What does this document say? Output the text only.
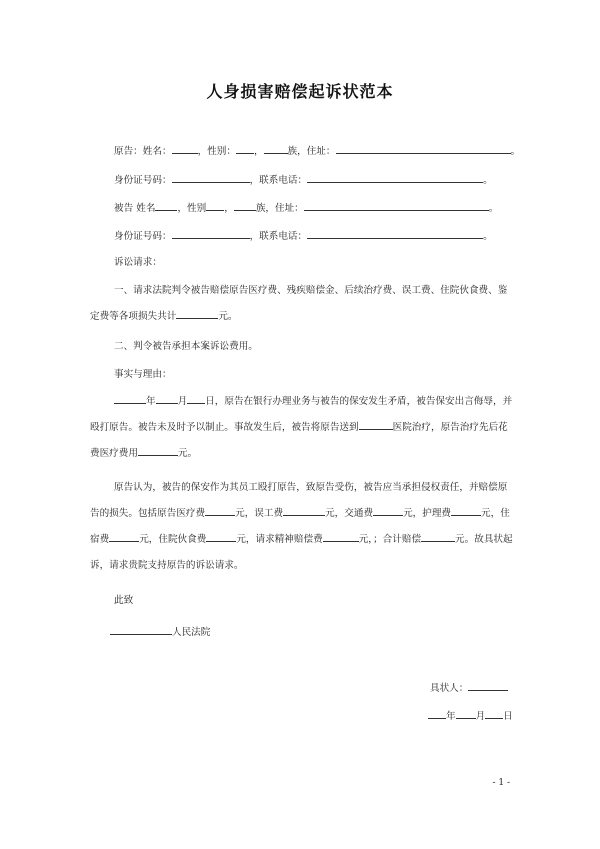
人身损害赔偿起诉状范本
原告：姓名：	，性别： ，	族，住址：	。
身份证号码：	，联系电话：	。
被告 姓名 ，性别 ， 族，住址：	。
身份证号码：	，联系电话：	。
诉讼请求：
一、请求法院判令被告赔偿原告医疗费、残疾赔偿金、后续治疗费、误工费、住院伙食费、鉴定费等各项损失共计	元。
二、判令被告承担本案诉讼费用。
事实与理由：
年 月 日，原告在银行办理业务与被告的保安发生矛盾，被告保安出言侮辱，并殴打原告。被告未及时予以制止。事故发生后，被告将原告送到	医院治疗，原告治疗先后花费医疗费用	元。
原告认为，被告的保安作为其员工殴打原告，致原告受伤，被告应当承担侵权责任，并赔偿原告的损失。包括原告医疗费	元，误工费	元，交通费	元，护理费	元，住宿费	元，住院伙食费	元，请求精神赔偿费	元，；合计赔偿	元。故具状起诉，请求贵院支持原告的诉讼请求。
此致
人民法院
具状人：
年 月 日
- 1 -
